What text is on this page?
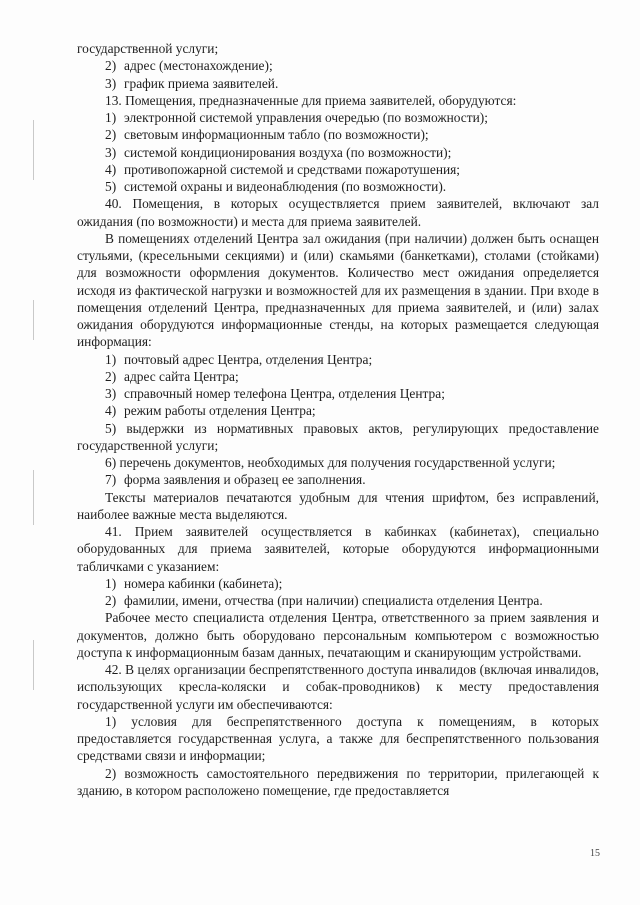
государственной услуги;

2) адрес (местонахождение);

3) график приема заявителей.

13. Помещения, предназначенные для приема заявителей, оборудуются:

1) электронной системой управления очередью (по возможности);

2) световым информационным табло (по возможности);

3) системой кондиционирования воздуха (по возможности);

4) противопожарной системой и средствами пожаротушения;

5) системой охраны и видеонаблюдения (по возможности).

40. Помещения, в которых осуществляется прием заявителей, включают зал ожидания (по возможности) и места для приема заявителей.

В помещениях отделений Центра зал ожидания (при наличии) должен быть оснащен стульями, (кресельными секциями) и (или) скамьями (банкетками), столами (стойками) для возможности оформления документов. Количество мест ожидания определяется исходя из фактической нагрузки и возможностей для их размещения в здании. При входе в помещения отделений Центра, предназначенных для приема заявителей, и (или) залах ожидания оборудуются информационные стенды, на которых размещается следующая информация:

1) почтовый адрес Центра, отделения Центра;

2) адрес сайта Центра;

3) справочный номер телефона Центра, отделения Центра;

4) режим работы отделения Центра;

5) выдержки из нормативных правовых актов, регулирующих предоставление государственной услуги;

6) перечень документов, необходимых для получения государственной услуги;

7) форма заявления и образец ее заполнения.

Тексты материалов печатаются удобным для чтения шрифтом, без исправлений, наиболее важные места выделяются.

41. Прием заявителей осуществляется в кабинках (кабинетах), специально оборудованных для приема заявителей, которые оборудуются информационными табличками с указанием:

1) номера кабинки (кабинета);

2) фамилии, имени, отчества (при наличии) специалиста отделения Центра.

Рабочее место специалиста отделения Центра, ответственного за прием заявления и документов, должно быть оборудовано персональным компьютером с возможностью доступа к информационным базам данных, печатающим и сканирующим устройствами.

42. В целях организации беспрепятственного доступа инвалидов (включая инвалидов, использующих кресла-коляски и собак-проводников) к месту предоставления государственной услуги им обеспечиваются:

1) условия для беспрепятственного доступа к помещениям, в которых предоставляется государственная услуга, а также для беспрепятственного пользования средствами связи и информации;

2) возможность самостоятельного передвижения по территории, прилегающей к зданию, в котором расположено помещение, где предоставляется

15
